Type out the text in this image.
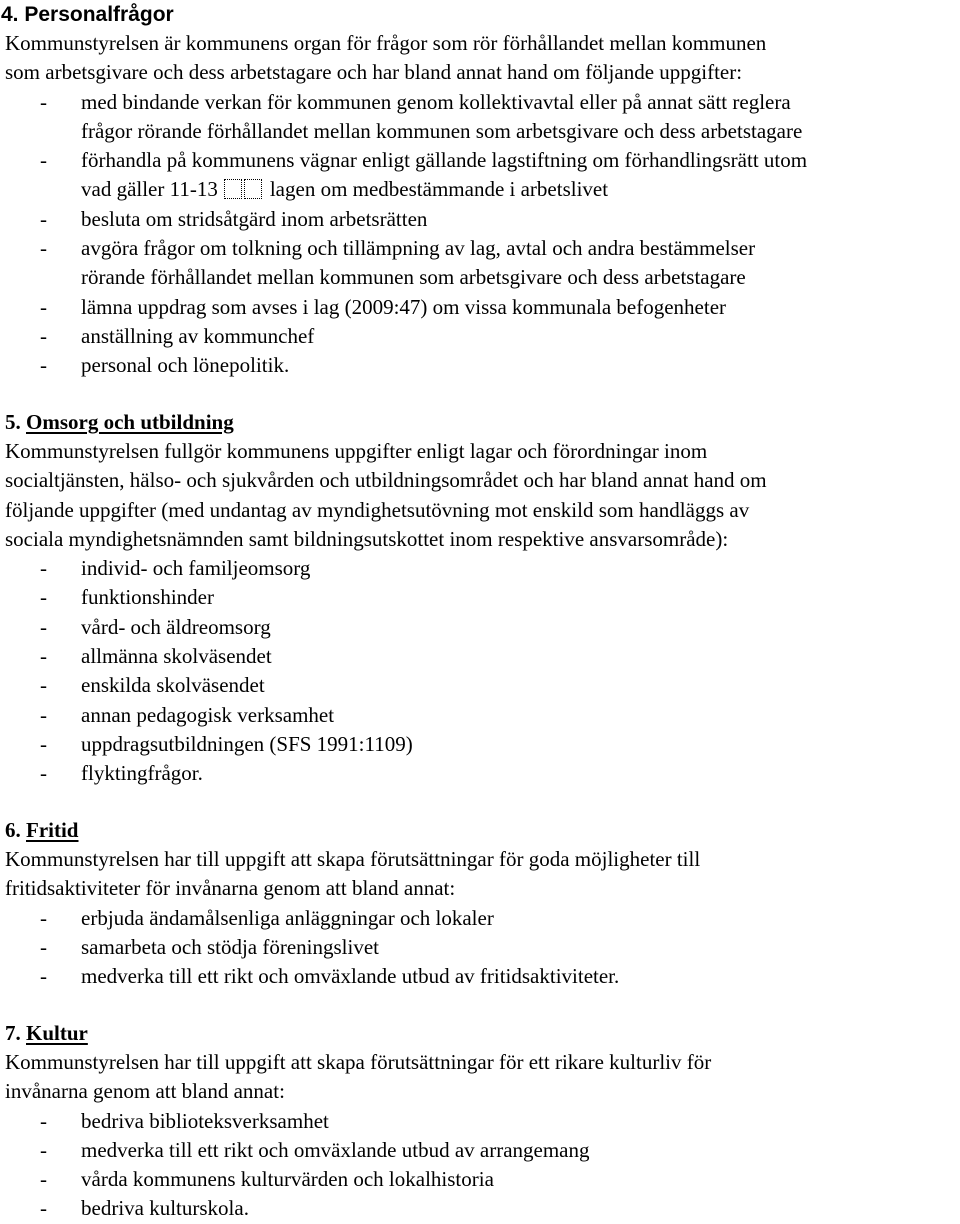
4. Personalfrågor

Kommunstyrelsen är kommunens organ för frågor som rör förhållandet mellan kommunen
som arbetsgivare och dess arbetstagare och har bland annat hand om följande uppgifter:

- med bindande verkan för kommunen genom kollektivavtal eller på annat sätt reglera
frågor rörande förhållandet mellan kommunen som arbetsgivare och dess arbetstagare
- förhandla på kommunens vägnar enligt gällande lagstiftning om förhandlingsrätt utom
vad gäller 11-13 lagen om medbestämmande i arbetslivet
- besluta om stridsåtgärd inom arbetsrätten
- avgöra frågor om tolkning och tillämpning av lag, avtal och andra bestämmelser
rörande förhållandet mellan kommunen som arbetsgivare och dess arbetstagare
- lämna uppdrag som avses i lag (2009:47) om vissa kommunala befogenheter
- anställning av kommunchef
- personal och lönepolitik.
5. Omsorg och utbildning

Kommunstyrelsen fullgör kommunens uppgifter enligt lagar och förordningar inom
socialtjänsten, hälso- och sjukvården och utbildningsområdet och har bland annat hand om
följande uppgifter (med undantag av myndighetsutövning mot enskild som handläggs av
sociala myndighetsnämnden samt bildningsutskottet inom respektive ansvarsområde):

- individ- och familjeomsorg
- funktionshinder
- vård- och äldreomsorg
- allmänna skolväsendet
- enskilda skolväsendet
- annan pedagogisk verksamhet
- uppdragsutbildningen (SFS 1991:1109)
- flyktingfrågor.
6. Fritid

Kommunstyrelsen har till uppgift att skapa förutsättningar för goda möjligheter till
fritidsaktiviteter för invånarna genom att bland annat:

- erbjuda ändamålsenliga anläggningar och lokaler
- samarbeta och stödja föreningslivet
- medverka till ett rikt och omväxlande utbud av fritidsaktiviteter.
7. Kultur

Kommunstyrelsen har till uppgift att skapa förutsättningar för ett rikare kulturliv för
invånarna genom att bland annat:

- bedriva biblioteksverksamhet
- medverka till ett rikt och omväxlande utbud av arrangemang
- vårda kommunens kulturvärden och lokalhistoria
- bedriva kulturskola.
